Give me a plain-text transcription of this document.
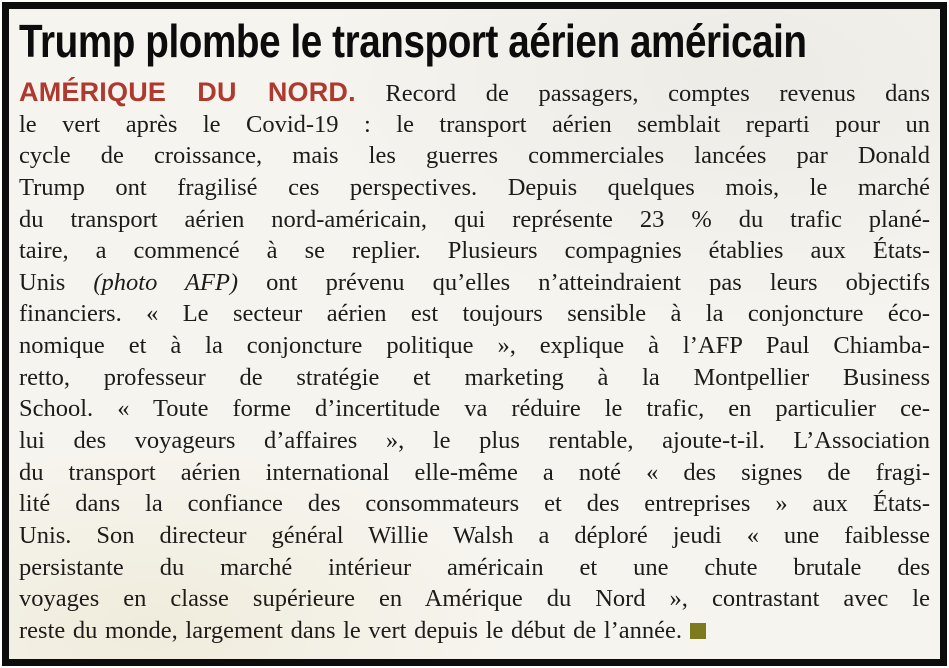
Trump plombe le transport aérien américain
AMÉRIQUE DU NORD. Record de passagers, comptes revenus dans
le vert après le Covid-19 : le transport aérien semblait reparti pour un
cycle de croissance, mais les guerres commerciales lancées par Donald
Trump ont fragilisé ces perspectives. Depuis quelques mois, le marché
du transport aérien nord-américain, qui représente 23 % du trafic plané-
taire, a commencé à se replier. Plusieurs compagnies établies aux États-
Unis (photo AFP) ont prévenu qu’elles n’atteindraient pas leurs objectifs
financiers. « Le secteur aérien est toujours sensible à la conjoncture éco-
nomique et à la conjoncture politique », explique à l’AFP Paul Chiamba-
retto, professeur de stratégie et marketing à la Montpellier Business
School. « Toute forme d’incertitude va réduire le trafic, en particulier ce-
lui des voyageurs d’affaires », le plus rentable, ajoute-t-il. L’Association
du transport aérien international elle-même a noté « des signes de fragi-
lité dans la confiance des consommateurs et des entreprises » aux États-
Unis. Son directeur général Willie Walsh a déploré jeudi « une faiblesse
persistante du marché intérieur américain et une chute brutale des
voyages en classe supérieure en Amérique du Nord », contrastant avec le
reste du monde, largement dans le vert depuis le début de l’année.
